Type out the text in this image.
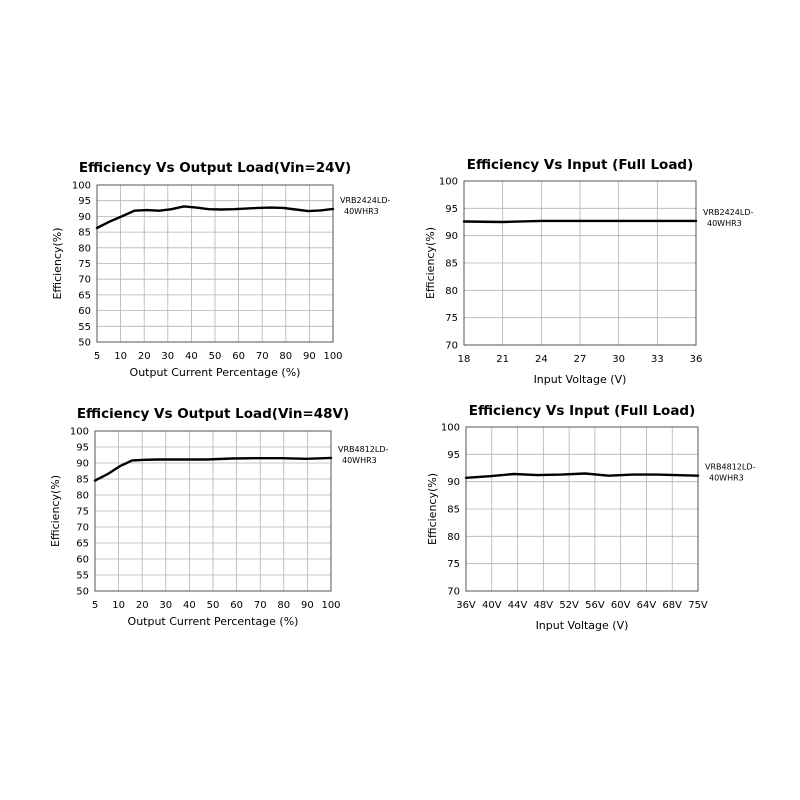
Efficiency Vs Output Load(Vin=24V)
5 10 20 30 40 50 60 70 80 90 100
100
95
90
85
80
75
70
65
60
55
50
Output Current Percentage (%)
Efficiency(%)
VRB2424LD-
40WHR3
Efficiency Vs Input (Full Load)
18	21	24	27	30	33	36
100
95
90
85
80
75
70
Input Voltage (V)
Efficiency(%)
VRB2424LD-
40WHR3
Efficiency Vs Output Load(Vin=48V)
5 10 20 30 40 50 60 70 80 90 100
100
95
90
85
80
75
70
65
60
55
50
Output Current Percentage (%)
Efficiency(%)
VRB4812LD-
40WHR3
Efficiency Vs Input (Full Load)
36V 40V 44V 48V 52V 56V 60V 64V 68V 75V
100
95
90
85
80
75
70
Input Voltage (V)
Efficiency(%)
VRB4812LD-
40WHR3
